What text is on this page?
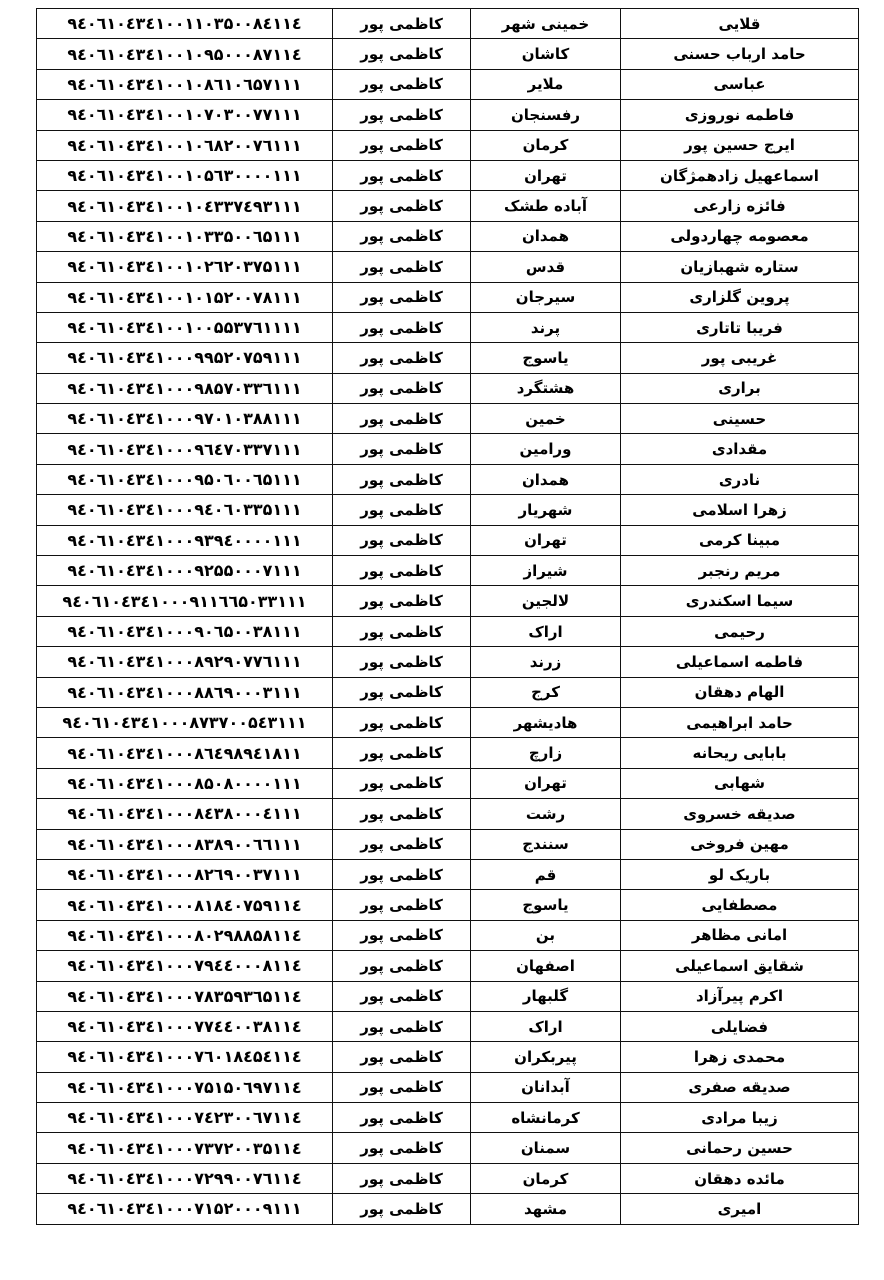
قلایی	خمینی شهر	کاظمی پور	۹٤۰٦۱۰٤۳٤۱۰۰۱۱۰۳۵۰۰۸٤۱۱٤
حامد ارباب حسنی	کاشان	کاظمی پور	۹٤۰٦۱۰٤۳٤۱۰۰۱۰۹۵۰۰۰۸۷۱۱٤
عباسی	ملایر	کاظمی پور	۹٤۰٦۱۰٤۳٤۱۰۰۱۰۸٦۱۰٦۵۷۱۱۱
فاطمه نوروزی	رفسنجان	کاظمی پور	۹٤۰٦۱۰٤۳٤۱۰۰۱۰۷۰۳۰۰۷۷۱۱۱
ایرج حسین پور	کرمان	کاظمی پور	۹٤۰٦۱۰٤۳٤۱۰۰۱۰٦۸۲۰۰۷٦۱۱۱
اسماعهیل زادهمژگان	تهران	کاظمی پور	۹٤۰٦۱۰٤۳٤۱۰۰۱۰۵٦۳۰۰۰۰۱۱۱
فائزه زارعی	آباده طشک	کاظمی پور	۹٤۰٦۱۰٤۳٤۱۰۰۱۰٤۳۳۷٤۹۳۱۱۱
معصومه چهاردولی	همدان	کاظمی پور	۹٤۰٦۱۰٤۳٤۱۰۰۱۰۳۳۵۰۰٦۵۱۱۱
ستاره شهبازیان	قدس	کاظمی پور	۹٤۰٦۱۰٤۳٤۱۰۰۱۰۲٦۲۰۳۷۵۱۱۱
پروین گلزاری	سیرجان	کاظمی پور	۹٤۰٦۱۰٤۳٤۱۰۰۱۰۱۵۲۰۰۷۸۱۱۱
فریبا تاتاری	پرند	کاظمی پور	۹٤۰٦۱۰٤۳٤۱۰۰۱۰۰۵۵۳۷٦۱۱۱۱
غریبی پور	یاسوج	کاظمی پور	۹٤۰٦۱۰٤۳٤۱۰۰۰۹۹۵۲۰۷۵۹۱۱۱
براری	هشتگرد	کاظمی پور	۹٤۰٦۱۰٤۳٤۱۰۰۰۹۸۵۷۰۳۳٦۱۱۱
حسینی	خمین	کاظمی پور	۹٤۰٦۱۰٤۳٤۱۰۰۰۹۷۰۱۰۳۸۸۱۱۱
مقدادی	ورامین	کاظمی پور	۹٤۰٦۱۰٤۳٤۱۰۰۰۹٦٤۷۰۳۳۷۱۱۱
نادری	همدان	کاظمی پور	۹٤۰٦۱۰٤۳٤۱۰۰۰۹۵۰٦۰۰٦۵۱۱۱
زهرا اسلامی	شهریار	کاظمی پور	۹٤۰٦۱۰٤۳٤۱۰۰۰۹٤۰٦۰۳۳۵۱۱۱
مبینا کرمی	تهران	کاظمی پور	۹٤۰٦۱۰٤۳٤۱۰۰۰۹۳۹٤۰۰۰۰۱۱۱
مریم رنجبر	شیراز	کاظمی پور	۹٤۰٦۱۰٤۳٤۱۰۰۰۹۲۵۵۰۰۰۷۱۱۱
سیما اسکندری	لالجین	کاظمی پور	۹٤۰٦۱۰٤۳٤۱۰۰۰۹۱۱٦٦۵۰۳۳۱۱۱
رحیمی	اراک	کاظمی پور	۹٤۰٦۱۰٤۳٤۱۰۰۰۹۰٦۵۰۰۳۸۱۱۱
فاطمه اسماعیلی	زرند	کاظمی پور	۹٤۰٦۱۰٤۳٤۱۰۰۰۸۹۲۹۰۷۷٦۱۱۱
الهام دهقان	کرج	کاظمی پور	۹٤۰٦۱۰٤۳٤۱۰۰۰۸۸٦۹۰۰۰۳۱۱۱
حامد ابراهیمی	هادیشهر	کاظمی پور	۹٤۰٦۱۰٤۳٤۱۰۰۰۸۷۳۷۰۰۵٤۳۱۱۱
بابایی ریحانه	زارچ	کاظمی پور	۹٤۰٦۱۰٤۳٤۱۰۰۰۸٦٤۹۸۹٤۱۸۱۱
شهابی	تهران	کاظمی پور	۹٤۰٦۱۰٤۳٤۱۰۰۰۸۵۰۸۰۰۰۰۱۱۱
صدیقه خسروی	رشت	کاظمی پور	۹٤۰٦۱۰٤۳٤۱۰۰۰۸٤۳۸۰۰۰٤۱۱۱
مهین فروخی	سنندج	کاظمی پور	۹٤۰٦۱۰٤۳٤۱۰۰۰۸۳۸۹۰۰٦٦۱۱۱
باریک لو	قم	کاظمی پور	۹٤۰٦۱۰٤۳٤۱۰۰۰۸۲٦۹۰۰۳۷۱۱۱
مصطفایی	یاسوج	کاظمی پور	۹٤۰٦۱۰٤۳٤۱۰۰۰۸۱۸٤۰۷۵۹۱۱٤
امانی مظاهر	بن	کاظمی پور	۹٤۰٦۱۰٤۳٤۱۰۰۰۸۰۲۹۸۸۵۸۱۱٤
شقایق اسماعیلی	اصفهان	کاظمی پور	۹٤۰٦۱۰٤۳٤۱۰۰۰۷۹٤٤۰۰۰۸۱۱٤
اکرم پیرآزاد	گلبهار	کاظمی پور	۹٤۰٦۱۰٤۳٤۱۰۰۰۷۸۳۵۹۳٦۵۱۱٤
فضایلی	اراک	کاظمی پور	۹٤۰٦۱۰٤۳٤۱۰۰۰۷۷٤٤۰۰۳۸۱۱٤
محمدی زهرا	پیربکران	کاظمی پور	۹٤۰٦۱۰٤۳٤۱۰۰۰۷٦۰۱۸٤۵٤۱۱٤
صدیقه صفری	آبدانان	کاظمی پور	۹٤۰٦۱۰٤۳٤۱۰۰۰۷۵۱۵۰٦۹۷۱۱٤
زیبا مرادی	کرمانشاه	کاظمی پور	۹٤۰٦۱۰٤۳٤۱۰۰۰۷٤۲۳۰۰٦۷۱۱٤
حسین رحمانی	سمنان	کاظمی پور	۹٤۰٦۱۰٤۳٤۱۰۰۰۷۳۷۲۰۰۳۵۱۱٤
مائده دهقان	کرمان	کاظمی پور	۹٤۰٦۱۰٤۳٤۱۰۰۰۷۲۹۹۰۰۷٦۱۱٤
امیری	مشهد	کاظمی پور	۹٤۰٦۱۰٤۳٤۱۰۰۰۷۱۵۲۰۰۰۹۱۱۱
